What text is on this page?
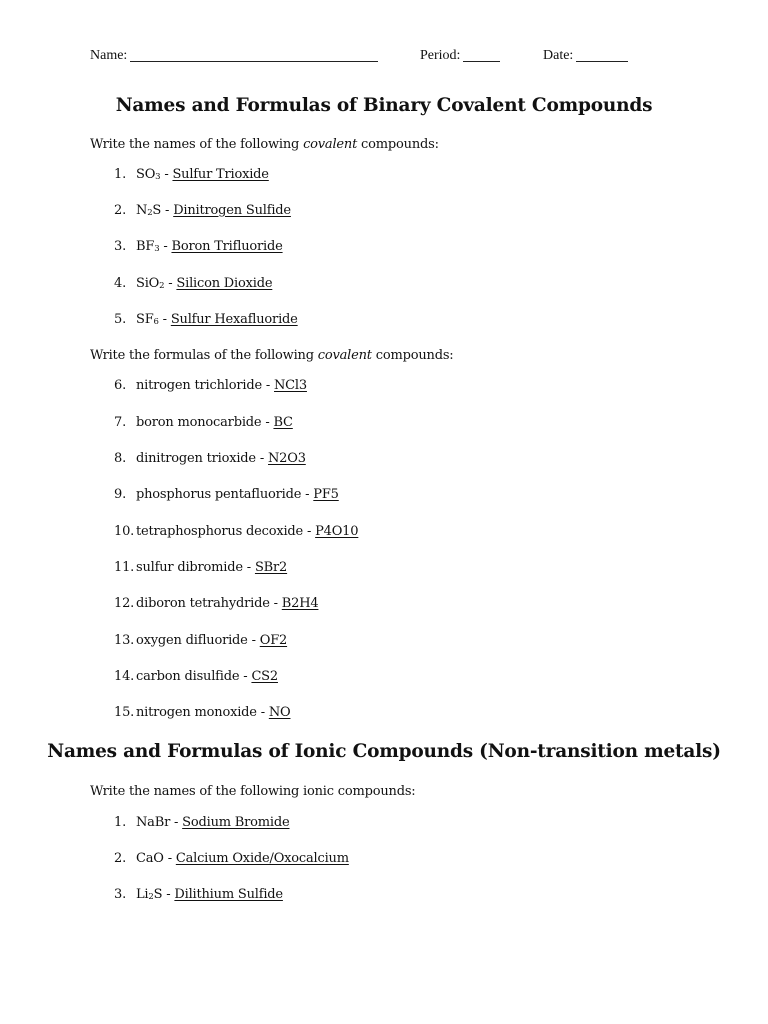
Name:	Period:	Date:
Names and Formulas of Binary Covalent Compounds
Write the names of the following covalent compounds:
1. $SO_3$ - Sulfur Trioxide
2. $N_2S$ - Dinitrogen Sulfide
3. $BF_3$ - Boron Trifluoride
4. SiO$_2$ - Silicon Dioxide
5. $SF_6$ - Sulfur Hexafluoride
Write the formulas of the following covalent compounds:
6. nitrogen trichloride - NCl3
7. boron monocarbide - BC
8. dinitrogen trioxide - N2O3
9. phosphorus pentafluoride - PF5
10. tetraphosphorus decoxide - P4O10
11. sulfur dibromide - SBr2
12. diboron tetrahydride - B2H4
13. oxygen difluoride - OF2
14. carbon disulfide - CS2
15. nitrogen monoxide - NO
Names and Formulas of Ionic Compounds (Non-transition metals)
Write the names of the following ionic compounds:
1. NaBr - Sodium Bromide
2. CaO - Calcium Oxide/Oxocalcium
3. $Li_2S$ - Dilithium Sulfide
